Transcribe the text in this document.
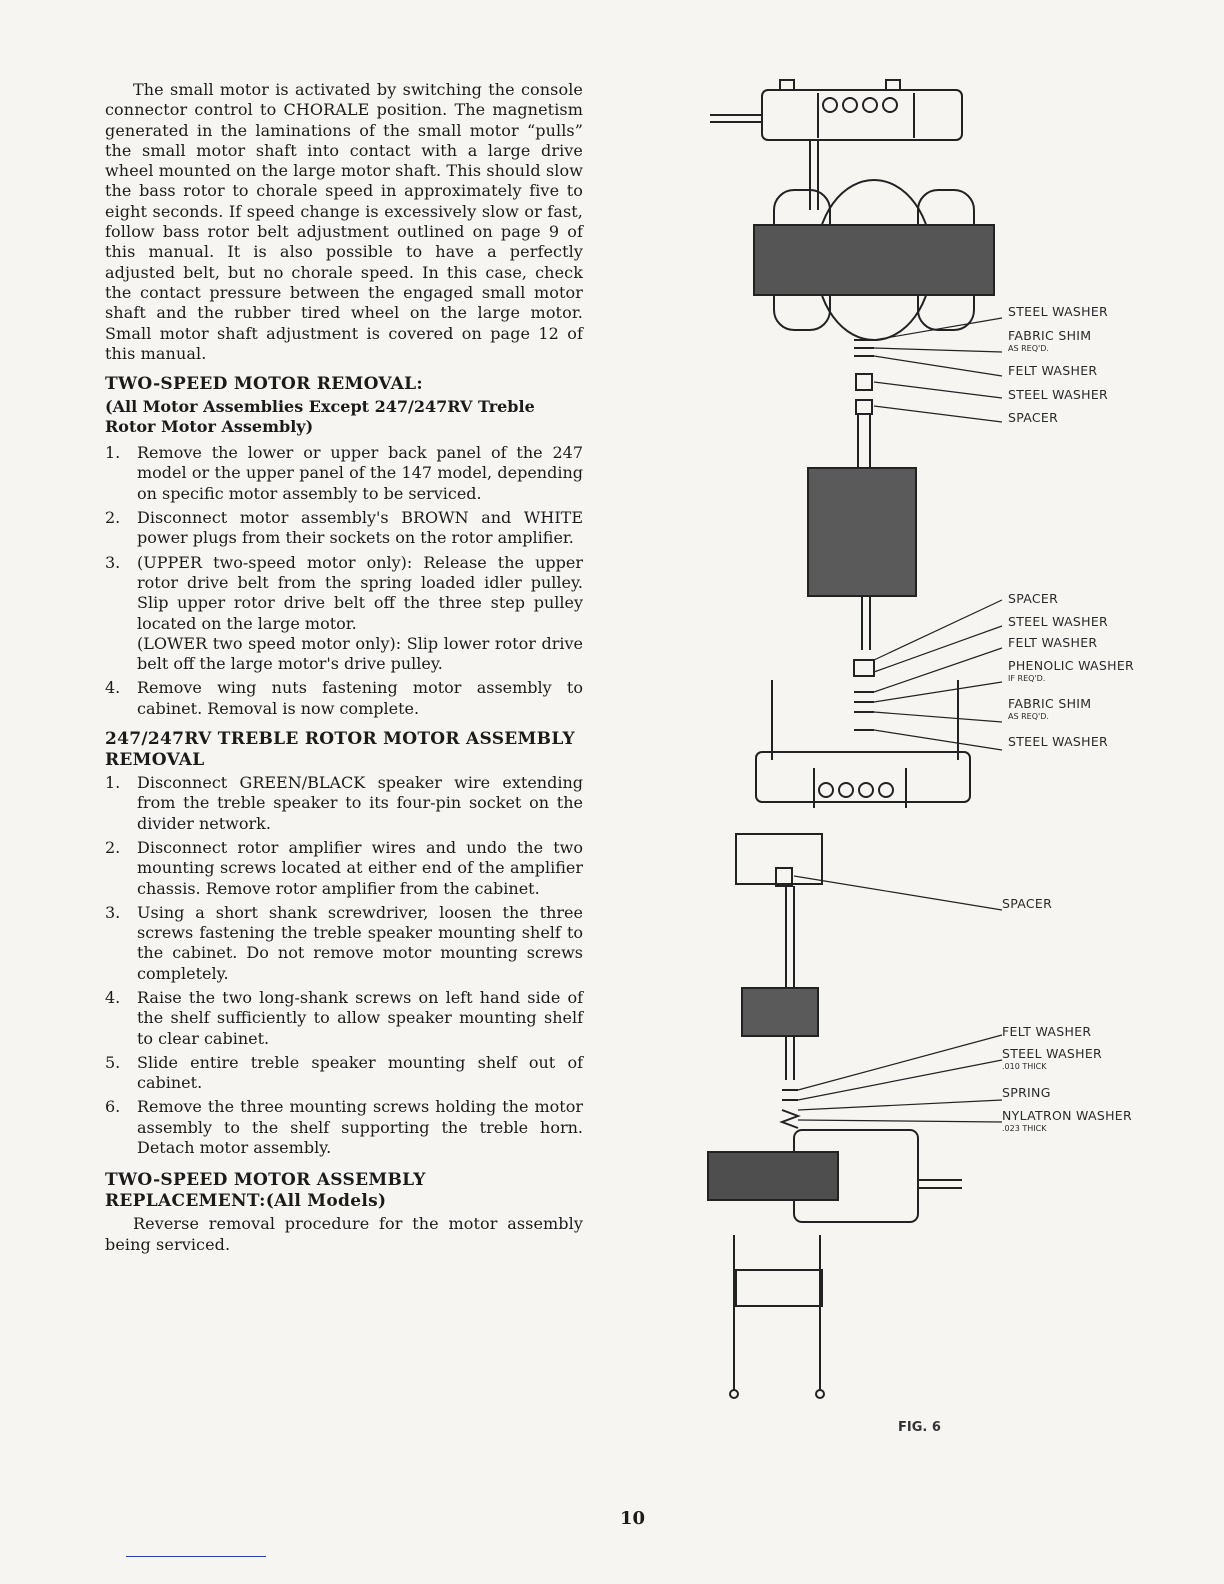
The small motor is activated by switching the console connector control to CHORALE position. The magnetism generated in the laminations of the small motor “pulls” the small motor shaft into contact with a large drive wheel mounted on the large motor shaft. This should slow the bass rotor to chorale speed in approximately five to eight seconds. If speed change is excessively slow or fast, follow bass rotor belt adjustment outlined on page 9 of this manual. It is also possible to have a perfectly adjusted belt, but no chorale speed. In this case, check the contact pressure between the engaged small motor shaft and the rubber tired wheel on the large motor. Small motor shaft adjustment is covered on page 12 of this manual.

TWO-SPEED MOTOR REMOVAL:
(All Motor Assemblies Except 247/247RV Treble Rotor Motor Assembly)
1. Remove the lower or upper back panel of the 247 model or the upper panel of the 147 model, depending on specific motor assembly to be serviced.
2. Disconnect motor assembly's BROWN and WHITE power plugs from their sockets on the rotor amplifier.
3. (UPPER two-speed motor only): Release the upper rotor drive belt from the spring loaded idler pulley. Slip upper rotor drive belt off the three step pulley located on the large motor.
(LOWER two speed motor only): Slip lower rotor drive belt off the large motor's drive pulley.
4. Remove wing nuts fastening motor assembly to cabinet. Removal is now complete.
247/247RV TREBLE ROTOR MOTOR ASSEMBLY REMOVAL
1. Disconnect GREEN/BLACK speaker wire extending from the treble speaker to its four-pin socket on the divider network.
2. Disconnect rotor amplifier wires and undo the two mounting screws located at either end of the amplifier chassis. Remove rotor amplifier from the cabinet.
3. Using a short shank screwdriver, loosen the three screws fastening the treble speaker mounting shelf to the cabinet. Do not remove motor mounting screws completely.
4. Raise the two long-shank screws on left hand side of the shelf sufficiently to allow speaker mounting shelf to clear cabinet.
5. Slide entire treble speaker mounting shelf out of cabinet.
6. Remove the three mounting screws holding the motor assembly to the shelf supporting the treble horn. Detach motor assembly.
TWO-SPEED MOTOR ASSEMBLY
REPLACEMENT:(All Models)

Reverse removal procedure for the motor assembly being serviced.

STEEL WASHER
FABRIC SHIM
AS REQ'D.
FELT WASHER
STEEL WASHER
SPACER
SPACER
STEEL WASHER
FELT WASHER
PHENOLIC WASHER
IF REQ'D.
FABRIC SHIM
AS REQ'D.
STEEL WASHER
SPACER
FELT WASHER
STEEL WASHER
.010 THICK
SPRING
NYLATRON WASHER
.023 THICK
FIG. 6
10
